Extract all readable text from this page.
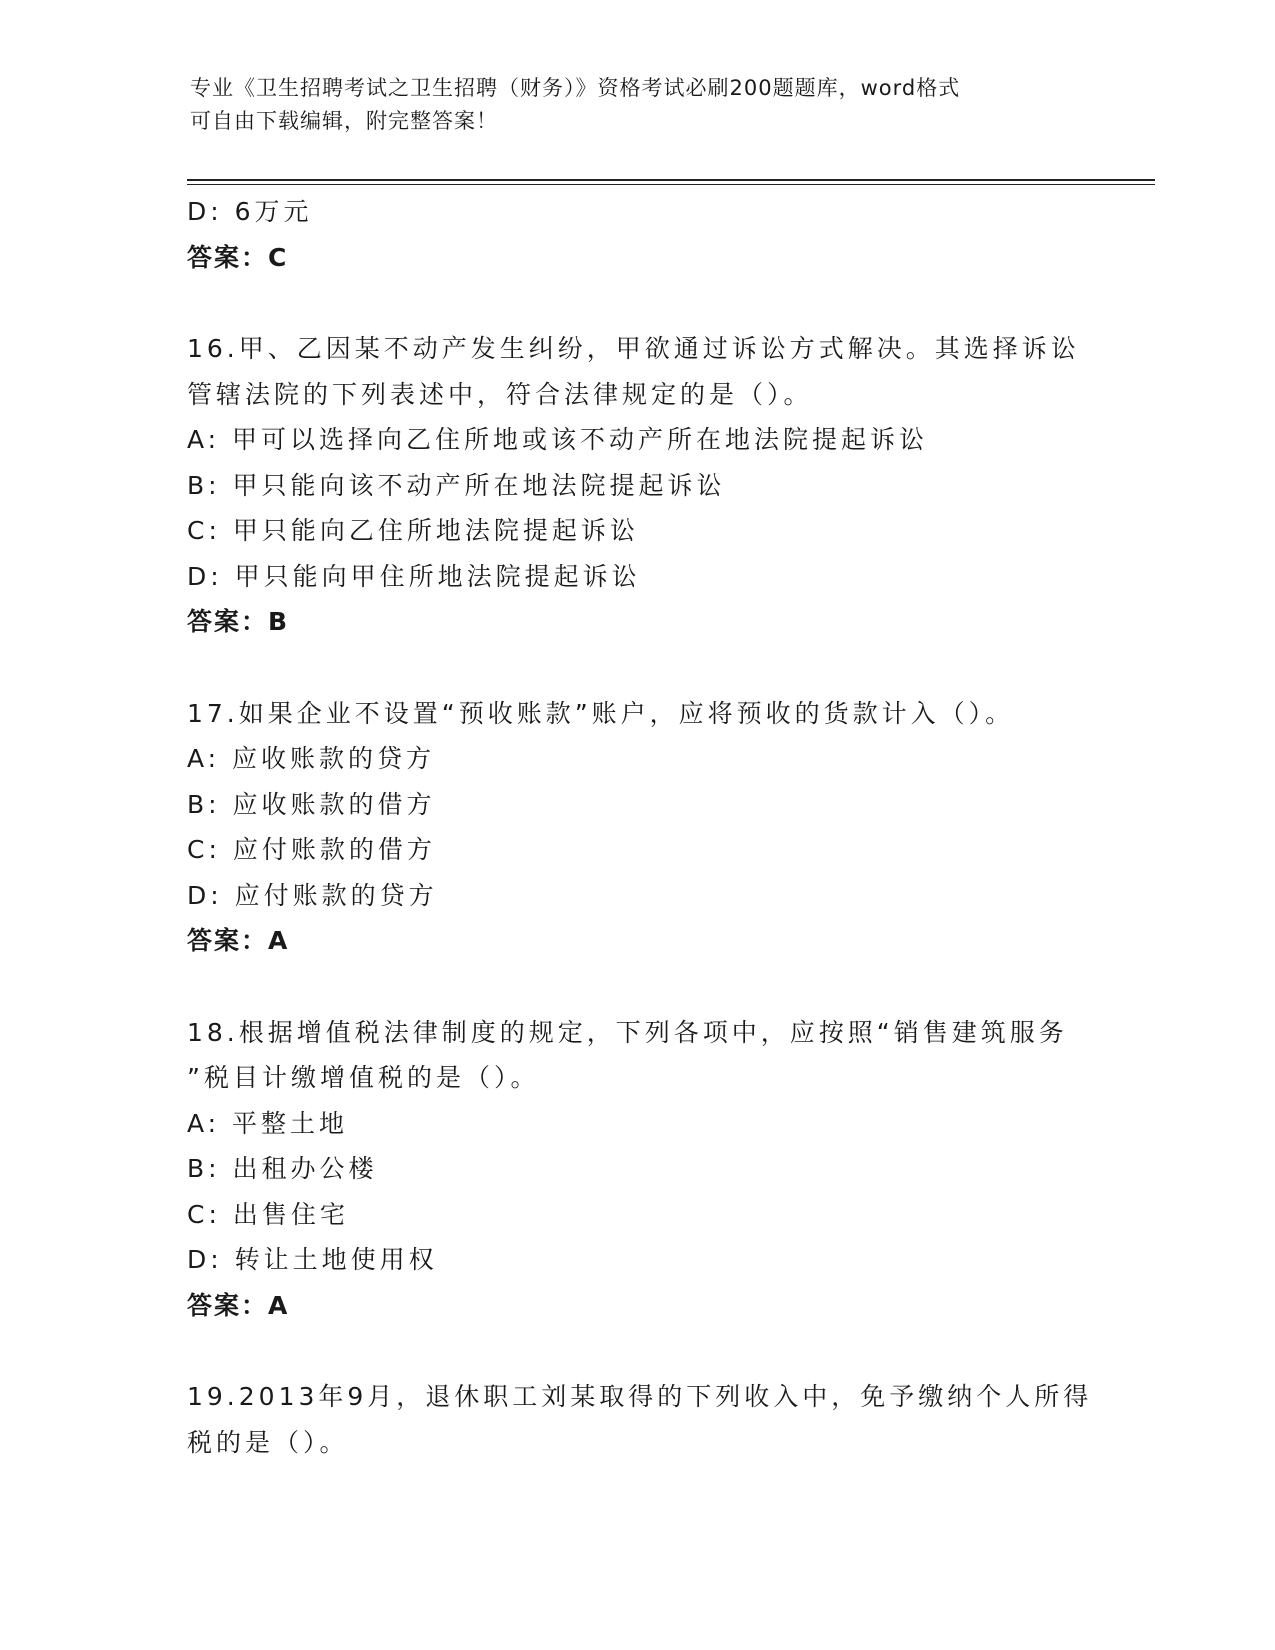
专业《卫生招聘考试之卫生招聘（财务）》资格考试必刷200题题库，word格式
可自由下载编辑，附完整答案！
D: 6万元
答案：C
16.甲、乙因某不动产发生纠纷，甲欲通过诉讼方式解决。其选择诉讼
管辖法院的下列表述中，符合法律规定的是（）。
A: 甲可以选择向乙住所地或该不动产所在地法院提起诉讼
B: 甲只能向该不动产所在地法院提起诉讼
C: 甲只能向乙住所地法院提起诉讼
D: 甲只能向甲住所地法院提起诉讼
答案：B
17.如果企业不设置“预收账款”账户，应将预收的货款计入（）。
A: 应收账款的贷方
B: 应收账款的借方
C: 应付账款的借方
D: 应付账款的贷方
答案：A
18.根据增值税法律制度的规定，下列各项中，应按照“销售建筑服务
”税目计缴增值税的是（）。
A: 平整土地
B: 出租办公楼
C: 出售住宅
D: 转让土地使用权
答案：A
19.2013年9月，退休职工刘某取得的下列收入中，免予缴纳个人所得
税的是（）。
